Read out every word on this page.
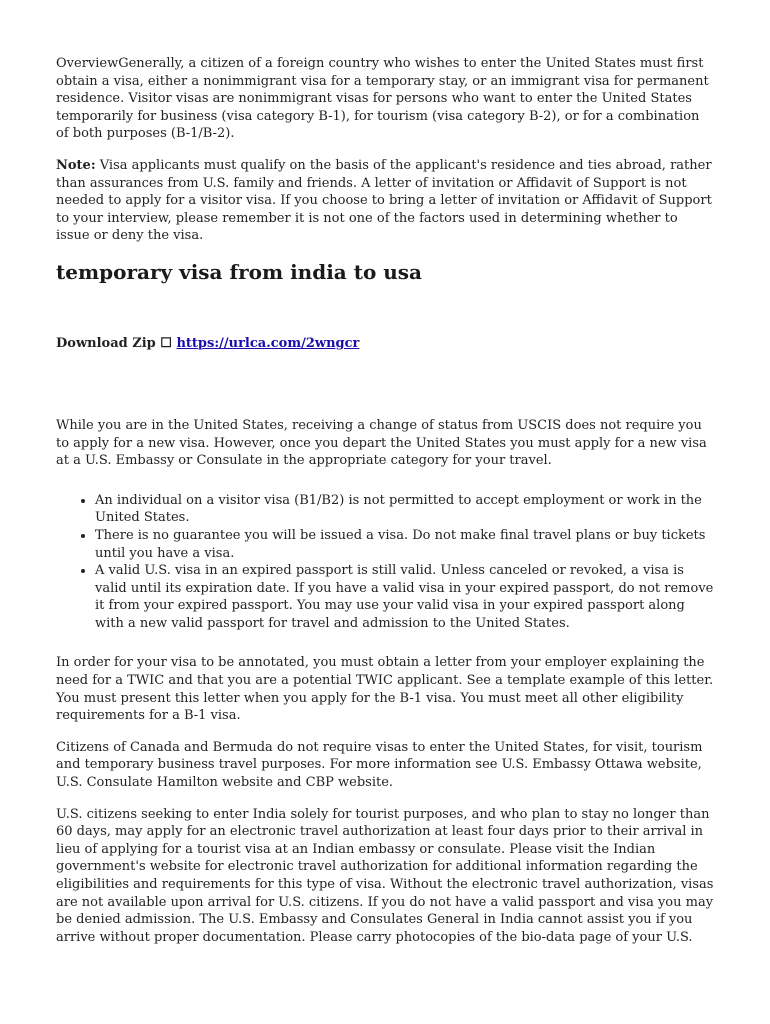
OverviewGenerally, a citizen of a foreign country who wishes to enter the United States must first obtain a visa, either a nonimmigrant visa for a temporary stay, or an immigrant visa for permanent residence. Visitor visas are nonimmigrant visas for persons who want to enter the United States temporarily for business (visa category B-1), for tourism (visa category B-2), or for a combination of both purposes (B-1/B-2).

Note: Visa applicants must qualify on the basis of the applicant's residence and ties abroad, rather than assurances from U.S. family and friends. A letter of invitation or Affidavit of Support is not needed to apply for a visitor visa. If you choose to bring a letter of invitation or Affidavit of Support to your interview, please remember it is not one of the factors used in determining whether to issue or deny the visa.

temporary visa from india to usa
Download Zip ☐ https://urlca.com/2wngcr

While you are in the United States, receiving a change of status from USCIS does not require you to apply for a new visa. However, once you depart the United States you must apply for a new visa at a U.S. Embassy or Consulate in the appropriate category for your travel.

• An individual on a visitor visa (B1/B2) is not permitted to accept employment or work in the United States.
• There is no guarantee you will be issued a visa. Do not make final travel plans or buy tickets until you have a visa.
• A valid U.S. visa in an expired passport is still valid. Unless canceled or revoked, a visa is valid until its expiration date. If you have a valid visa in your expired passport, do not remove it from your expired passport. You may use your valid visa in your expired passport along with a new valid passport for travel and admission to the United States.

In order for your visa to be annotated, you must obtain a letter from your employer explaining the need for a TWIC and that you are a potential TWIC applicant. See a template example of this letter. You must present this letter when you apply for the B-1 visa. You must meet all other eligibility requirements for a B-1 visa.

Citizens of Canada and Bermuda do not require visas to enter the United States, for visit, tourism and temporary business travel purposes. For more information see U.S. Embassy Ottawa website, U.S. Consulate Hamilton website and CBP website.

U.S. citizens seeking to enter India solely for tourist purposes, and who plan to stay no longer than 60 days, may apply for an electronic travel authorization at least four days prior to their arrival in lieu of applying for a tourist visa at an Indian embassy or consulate. Please visit the Indian government's website for electronic travel authorization for additional information regarding the eligibilities and requirements for this type of visa. Without the electronic travel authorization, visas are not available upon arrival for U.S. citizens. If you do not have a valid passport and visa you may be denied admission. The U.S. Embassy and Consulates General in India cannot assist you if you arrive without proper documentation. Please carry photocopies of the bio-data page of your U.S.
